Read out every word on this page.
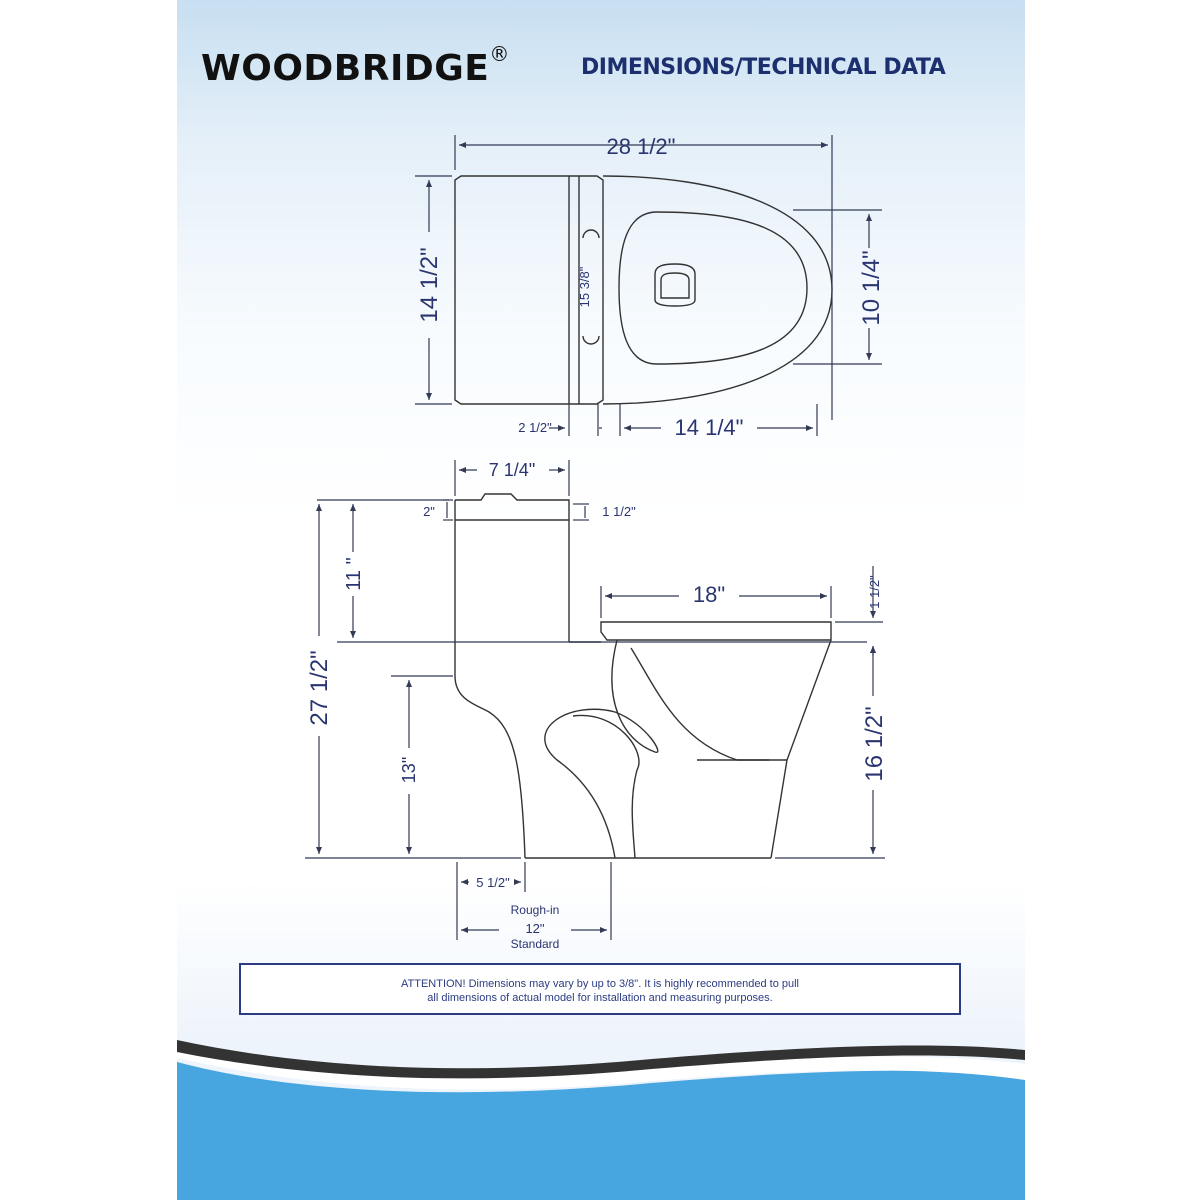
WOODBRIDGE®
DIMENSIONS/TECHNICAL DATA
28 1/2"
14 1/2"	15 3/8"	10 1/4"
2 1/2"	14 1/4"
7 1/4"
2"	1 1/2"
11 "
18"	1 1/2"
27 1/2"
13"	16 1/2"
5 1/2"
Rough-in
12"
Standard
ATTENTION! Dimensions may vary by up to 3/8". It is highly recommended to pull
all dimensions of actual model for installation and measuring purposes.
